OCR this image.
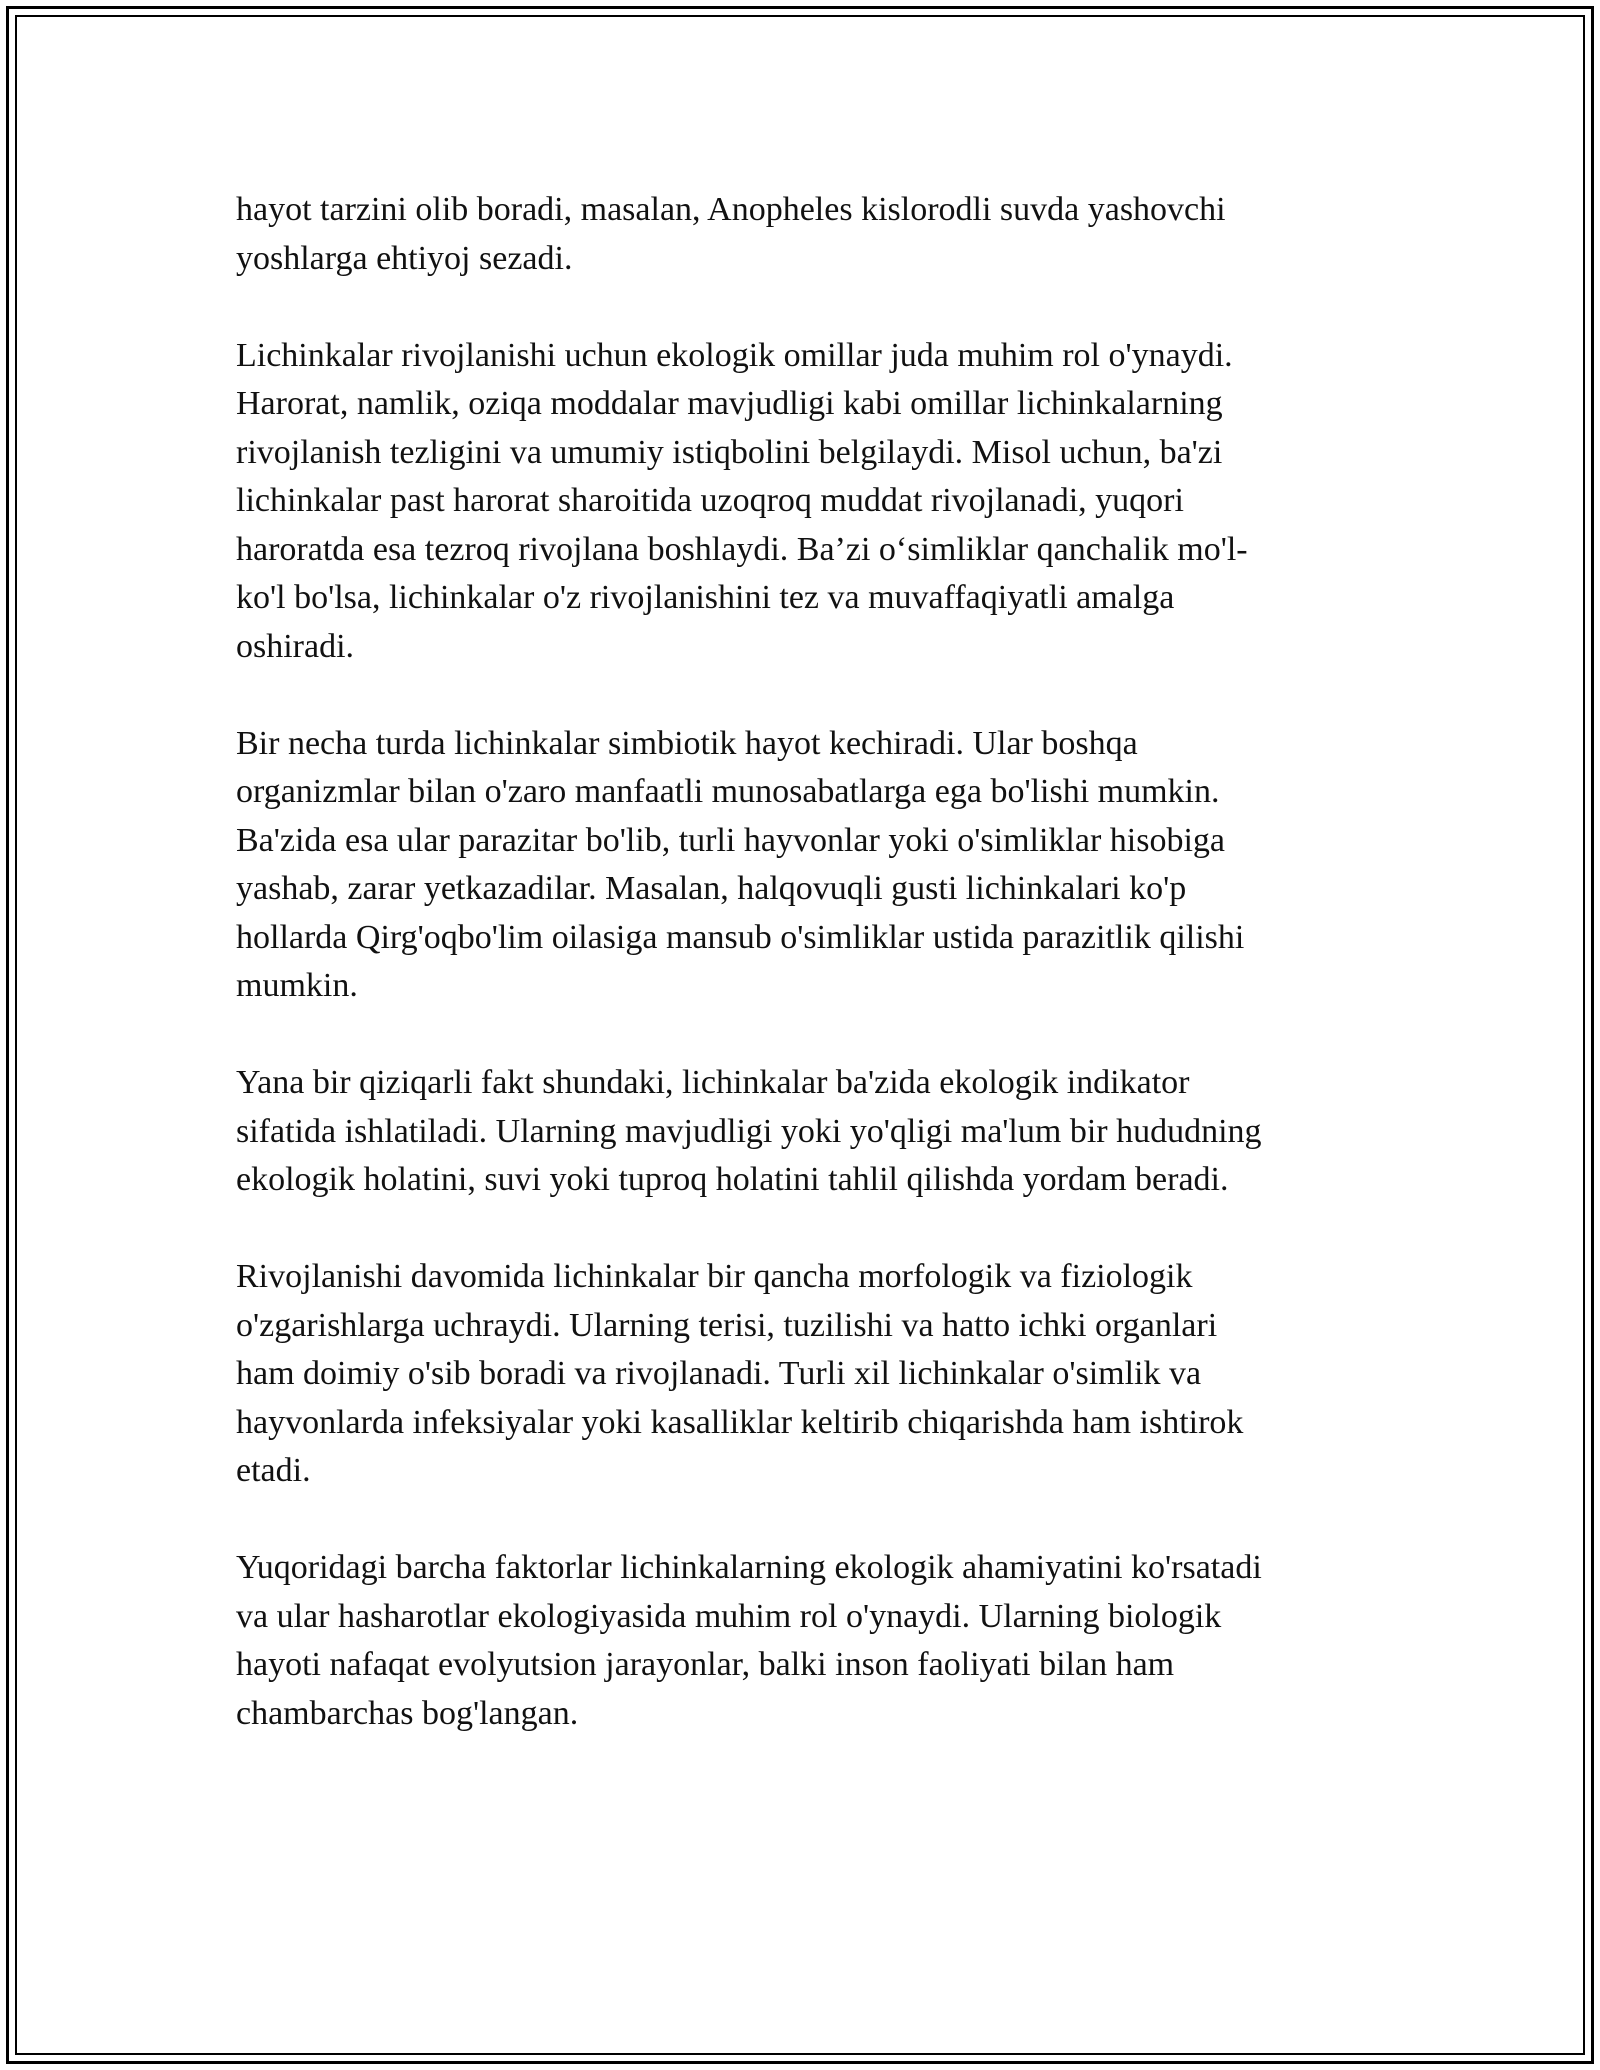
hayot tarzini olib boradi, masalan, Anopheles kislorodli suvda yashovchi
yoshlarga ehtiyoj sezadi.

Lichinkalar rivojlanishi uchun ekologik omillar juda muhim rol o'ynaydi.
Harorat, namlik, oziqa moddalar mavjudligi kabi omillar lichinkalarning
rivojlanish tezligini va umumiy istiqbolini belgilaydi. Misol uchun, ba'zi
lichinkalar past harorat sharoitida uzoqroq muddat rivojlanadi, yuqori
haroratda esa tezroq rivojlana boshlaydi. Ba’zi o‘simliklar qanchalik mo'l-
ko'l bo'lsa, lichinkalar o'z rivojlanishini tez va muvaffaqiyatli amalga
oshiradi.

Bir necha turda lichinkalar simbiotik hayot kechiradi. Ular boshqa
organizmlar bilan o'zaro manfaatli munosabatlarga ega bo'lishi mumkin.
Ba'zida esa ular parazitar bo'lib, turli hayvonlar yoki o'simliklar hisobiga
yashab, zarar yetkazadilar. Masalan, halqovuqli gusti lichinkalari ko'p
hollarda Qirg'oqbo'lim oilasiga mansub o'simliklar ustida parazitlik qilishi
mumkin.

Yana bir qiziqarli fakt shundaki, lichinkalar ba'zida ekologik indikator
sifatida ishlatiladi. Ularning mavjudligi yoki yo'qligi ma'lum bir hududning
ekologik holatini, suvi yoki tuproq holatini tahlil qilishda yordam beradi.

Rivojlanishi davomida lichinkalar bir qancha morfologik va fiziologik
o'zgarishlarga uchraydi. Ularning terisi, tuzilishi va hatto ichki organlari
ham doimiy o'sib boradi va rivojlanadi. Turli xil lichinkalar o'simlik va
hayvonlarda infeksiyalar yoki kasalliklar keltirib chiqarishda ham ishtirok
etadi.

Yuqoridagi barcha faktorlar lichinkalarning ekologik ahamiyatini ko'rsatadi
va ular hasharotlar ekologiyasida muhim rol o'ynaydi. Ularning biologik
hayoti nafaqat evolyutsion jarayonlar, balki inson faoliyati bilan ham
chambarchas bog'langan.
